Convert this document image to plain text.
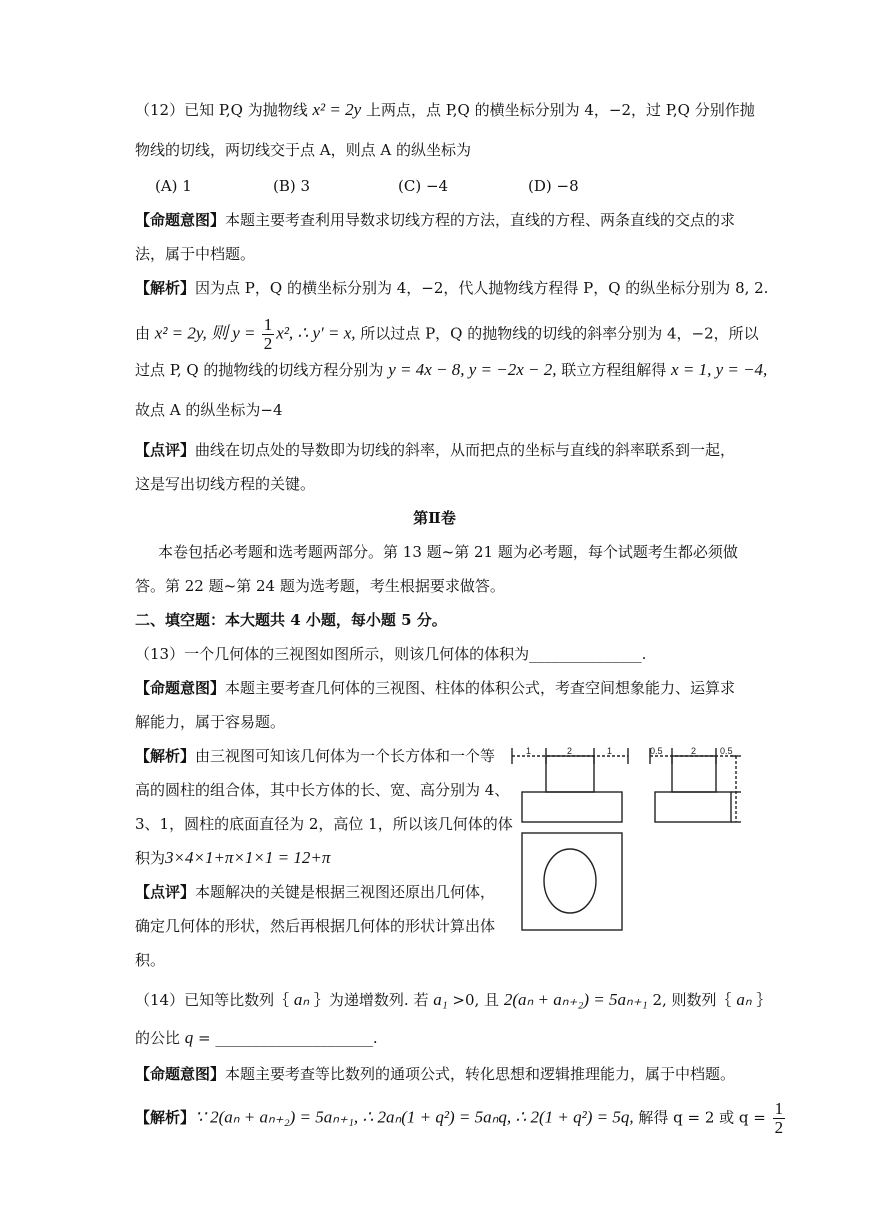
（12）已知 P,Q 为抛物线 x² = 2y 上两点，点 P,Q 的横坐标分别为 4，−2，过 P,Q 分别作抛
物线的切线，两切线交于点 A，则点 A 的纵坐标为
(A) 1	(B) 3	(C) −4	(D) −8
【命题意图】本题主要考查利用导数求切线方程的方法，直线的方程、两条直线的交点的求
法，属于中档题。
【解析】因为点 P，Q 的横坐标分别为 4，−2，代人抛物线方程得 P，Q 的纵坐标分别为 8, 2.
由 x² = 2y, 则 $y = \frac{1}{2} x^2$, ∴ y′ = x, 所以过点 P，Q 的抛物线的切线的斜率分别为 4，−2，所以
过点 P, Q 的抛物线的切线方程分别为 y = 4x − 8, y = −2x − 2, 联立方程组解得 x = 1, y = −4,
故点 A 的纵坐标为−4
【点评】曲线在切点处的导数即为切线的斜率，从而把点的坐标与直线的斜率联系到一起，
这是写出切线方程的关键。
第Ⅱ卷
本卷包括必考题和选考题两部分。第 13 题~第 21 题为必考题，每个试题考生都必须做
答。第 22 题~第 24 题为选考题，考生根据要求做答。
二、填空题：本大题共 4 小题，每小题 5 分。
（13）一个几何体的三视图如图所示，则该几何体的体积为_______________.
【命题意图】本题主要考查几何体的三视图、柱体的体积公式，考查空间想象能力、运算求
解能力，属于容易题。
【解析】由三视图可知该几何体为一个长方体和一个等
高的圆柱的组合体，其中长方体的长、宽、高分别为 4、
3、1，圆柱的底面直径为 2，高位 1，所以该几何体的体
积为3×4×1+π×1×1 = 12+π
【点评】本题解决的关键是根据三视图还原出几何体，
确定几何体的形状，然后再根据几何体的形状计算出体
积。
1	2	1	0.5	2	0.5
（14）已知等比数列｛ aₙ ｝为递增数列. 若 a₁ >0, 且 2(aₙ + aₙ₊₂) = 5aₙ₊₁ 2, 则数列｛ aₙ ｝
的公比 q = _____________________.
【命题意图】本题主要考查等比数列的通项公式，转化思想和逻辑推理能力，属于中档题。
【解析】∵ 2(aₙ + aₙ₊₂) = 5aₙ₊₁, ∴ 2aₙ(1 + q²) = 5aₙq, ∴ 2(1 + q²) = 5q, 解得 q = 2 或 $q = \frac{1}{2}$
